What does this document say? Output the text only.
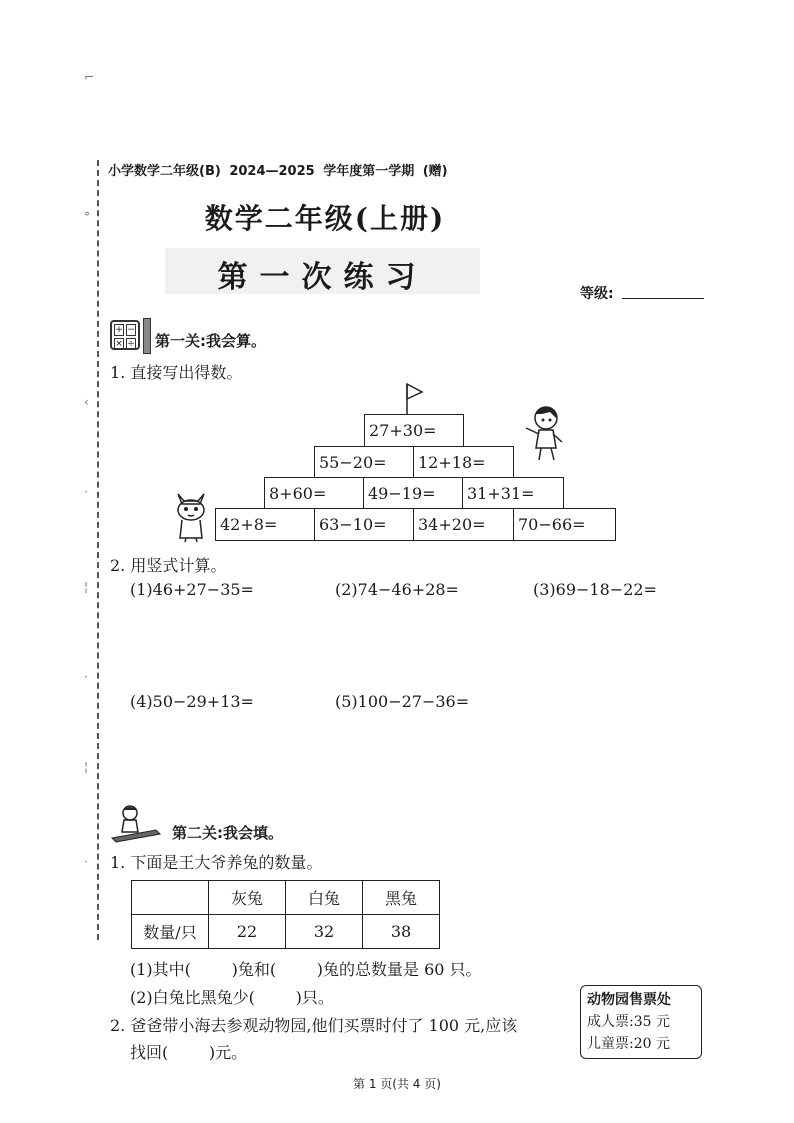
⌐
°
‹
·
¦
·
¦
·
小学数学二年级(B) 2024—2025 学年度第一学期 (赠)
数学二年级(上册)
第一次练习	等级:
+ −
× ÷ 第一关:我会算。
1. 直接写出得数。
27+30=
55−20=	12+18=
8+60=	49−19=	31+31=
42+8=	63−10=	34+20=	70−66=
2. 用竖式计算。
(1)46+27−35=	(2)74−46+28=	(3)69−18−22=
(4)50−29+13=	(5)100−27−36=
第二关:我会填。
1. 下面是王大爷养兔的数量。
	灰兔	白兔	黑兔
数量/只	22	32	38
(1)其中(        )兔和(        )兔的总数量是 60 只。
(2)白兔比黑兔少(        )只。
2. 爸爸带小海去参观动物园,他们买票时付了 100 元,应该
找回(        )元。
动物园售票处
成人票:35 元
儿童票:20 元
第 1 页(共 4 页)
